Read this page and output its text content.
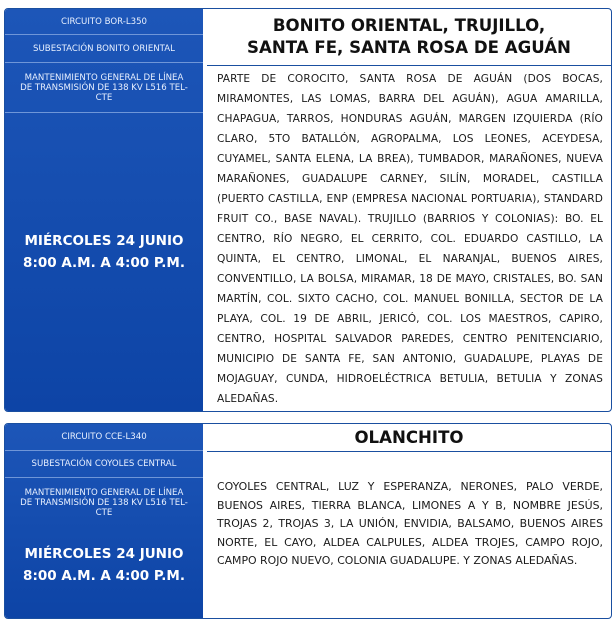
CIRCUITO BOR-L350
SUBESTACIÓN BONITO ORIENTAL
MANTENIMIENTO GENERAL DE LÍNEA DE TRANSMISIÓN DE 138 KV L516 TEL-CTE
MIÉRCOLES 24 JUNIO
8:00 A.M. A 4:00 P.M.
BONITO ORIENTAL, TRUJILLO,
SANTA FE, SANTA ROSA DE AGUÁN
PARTE DE COROCITO, SANTA ROSA DE AGUÁN (DOS BOCAS, MIRAMONTES, LAS LOMAS, BARRA DEL AGUÁN), AGUA AMARILLA, CHAPAGUA, TARROS, HONDURAS AGUÁN, MARGEN IZQUIERDA (RÍO CLARO, 5TO BATALLÓN, AGROPALMA, LOS LEONES, ACEYDESA, CUYAMEL, SANTA ELENA, LA BREA), TUMBADOR, MARAÑONES, NUEVA MARAÑONES, GUADALUPE CARNEY, SILÍN, MORADEL, CASTILLA (PUERTO CASTILLA, ENP (EMPRESA NACIONAL PORTUARIA), STANDARD FRUIT CO., BASE NAVAL). TRUJILLO (BARRIOS Y COLONIAS): BO. EL CENTRO, RÍO NEGRO, EL CERRITO, COL. EDUARDO CASTILLO, LA QUINTA, EL CENTRO, LIMONAL, EL NARANJAL, BUENOS AIRES, CONVENTILLO, LA BOLSA, MIRAMAR, 18 DE MAYO, CRISTALES, BO. SAN MARTÍN, COL. SIXTO CACHO, COL. MANUEL BONILLA, SECTOR DE LA PLAYA, COL. 19 DE ABRIL, JERICÓ, COL. LOS MAESTROS, CAPIRO, CENTRO, HOSPITAL SALVADOR PAREDES, CENTRO PENITENCIARIO, MUNICIPIO DE SANTA FE, SAN ANTONIO, GUADALUPE, PLAYAS DE MOJAGUAY, CUNDA, HIDROELÉCTRICA BETULIA, BETULIA Y ZONAS ALEDAÑAS.
CIRCUITO CCE-L340
SUBESTACIÓN COYOLES CENTRAL
MANTENIMIENTO GENERAL DE LÍNEA DE TRANSMISIÓN DE 138 KV L516 TEL-CTE
MIÉRCOLES 24 JUNIO
8:00 A.M. A 4:00 P.M.
OLANCHITO
COYOLES CENTRAL, LUZ Y ESPERANZA, NERONES, PALO VERDE, BUENOS AIRES, TIERRA BLANCA, LIMONES A Y B, NOMBRE JESÚS, TROJAS 2, TROJAS 3, LA UNIÓN, ENVIDIA, BALSAMO, BUENOS AIRES NORTE, EL CAYO, ALDEA CALPULES, ALDEA TROJES, CAMPO ROJO, CAMPO ROJO NUEVO, COLONIA GUADALUPE. Y ZONAS ALEDAÑAS.
